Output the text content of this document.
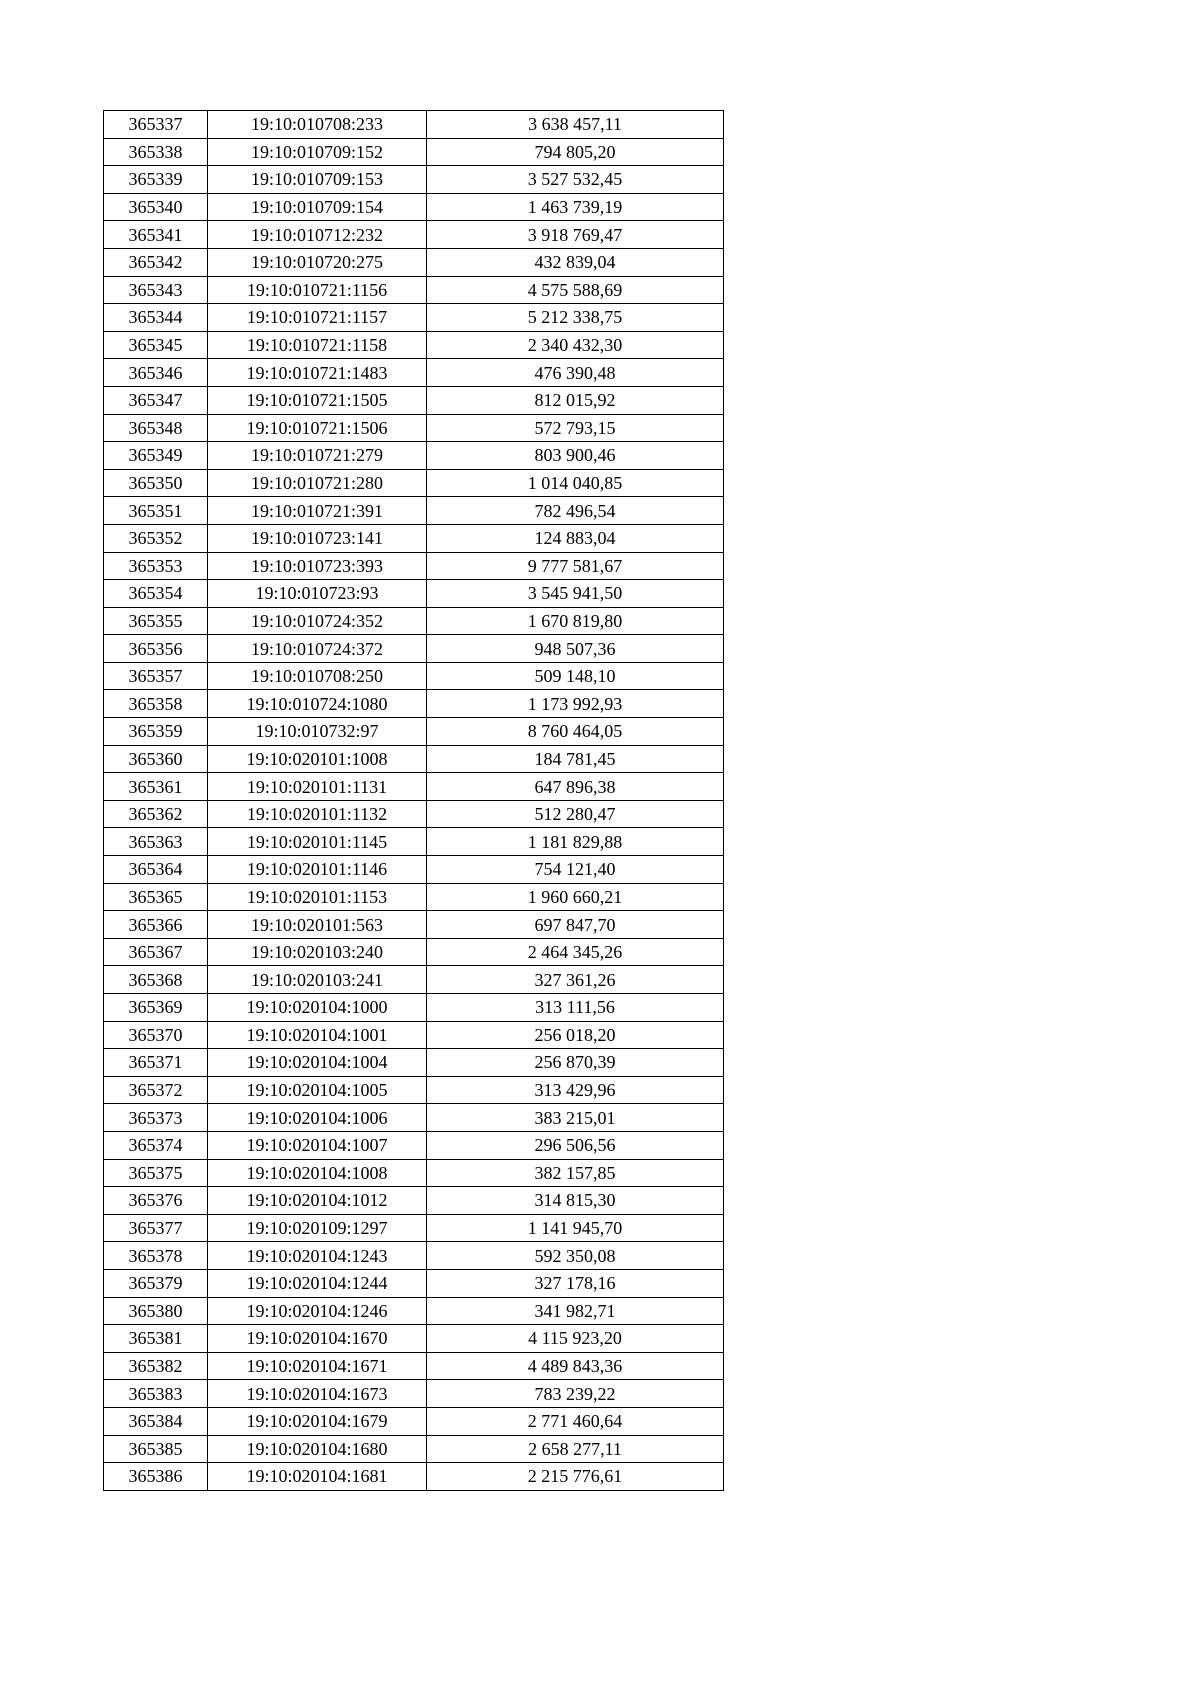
365337	19:10:010708:233	3 638 457,11
365338	19:10:010709:152	794 805,20
365339	19:10:010709:153	3 527 532,45
365340	19:10:010709:154	1 463 739,19
365341	19:10:010712:232	3 918 769,47
365342	19:10:010720:275	432 839,04
365343	19:10:010721:1156	4 575 588,69
365344	19:10:010721:1157	5 212 338,75
365345	19:10:010721:1158	2 340 432,30
365346	19:10:010721:1483	476 390,48
365347	19:10:010721:1505	812 015,92
365348	19:10:010721:1506	572 793,15
365349	19:10:010721:279	803 900,46
365350	19:10:010721:280	1 014 040,85
365351	19:10:010721:391	782 496,54
365352	19:10:010723:141	124 883,04
365353	19:10:010723:393	9 777 581,67
365354	19:10:010723:93	3 545 941,50
365355	19:10:010724:352	1 670 819,80
365356	19:10:010724:372	948 507,36
365357	19:10:010708:250	509 148,10
365358	19:10:010724:1080	1 173 992,93
365359	19:10:010732:97	8 760 464,05
365360	19:10:020101:1008	184 781,45
365361	19:10:020101:1131	647 896,38
365362	19:10:020101:1132	512 280,47
365363	19:10:020101:1145	1 181 829,88
365364	19:10:020101:1146	754 121,40
365365	19:10:020101:1153	1 960 660,21
365366	19:10:020101:563	697 847,70
365367	19:10:020103:240	2 464 345,26
365368	19:10:020103:241	327 361,26
365369	19:10:020104:1000	313 111,56
365370	19:10:020104:1001	256 018,20
365371	19:10:020104:1004	256 870,39
365372	19:10:020104:1005	313 429,96
365373	19:10:020104:1006	383 215,01
365374	19:10:020104:1007	296 506,56
365375	19:10:020104:1008	382 157,85
365376	19:10:020104:1012	314 815,30
365377	19:10:020109:1297	1 141 945,70
365378	19:10:020104:1243	592 350,08
365379	19:10:020104:1244	327 178,16
365380	19:10:020104:1246	341 982,71
365381	19:10:020104:1670	4 115 923,20
365382	19:10:020104:1671	4 489 843,36
365383	19:10:020104:1673	783 239,22
365384	19:10:020104:1679	2 771 460,64
365385	19:10:020104:1680	2 658 277,11
365386	19:10:020104:1681	2 215 776,61
